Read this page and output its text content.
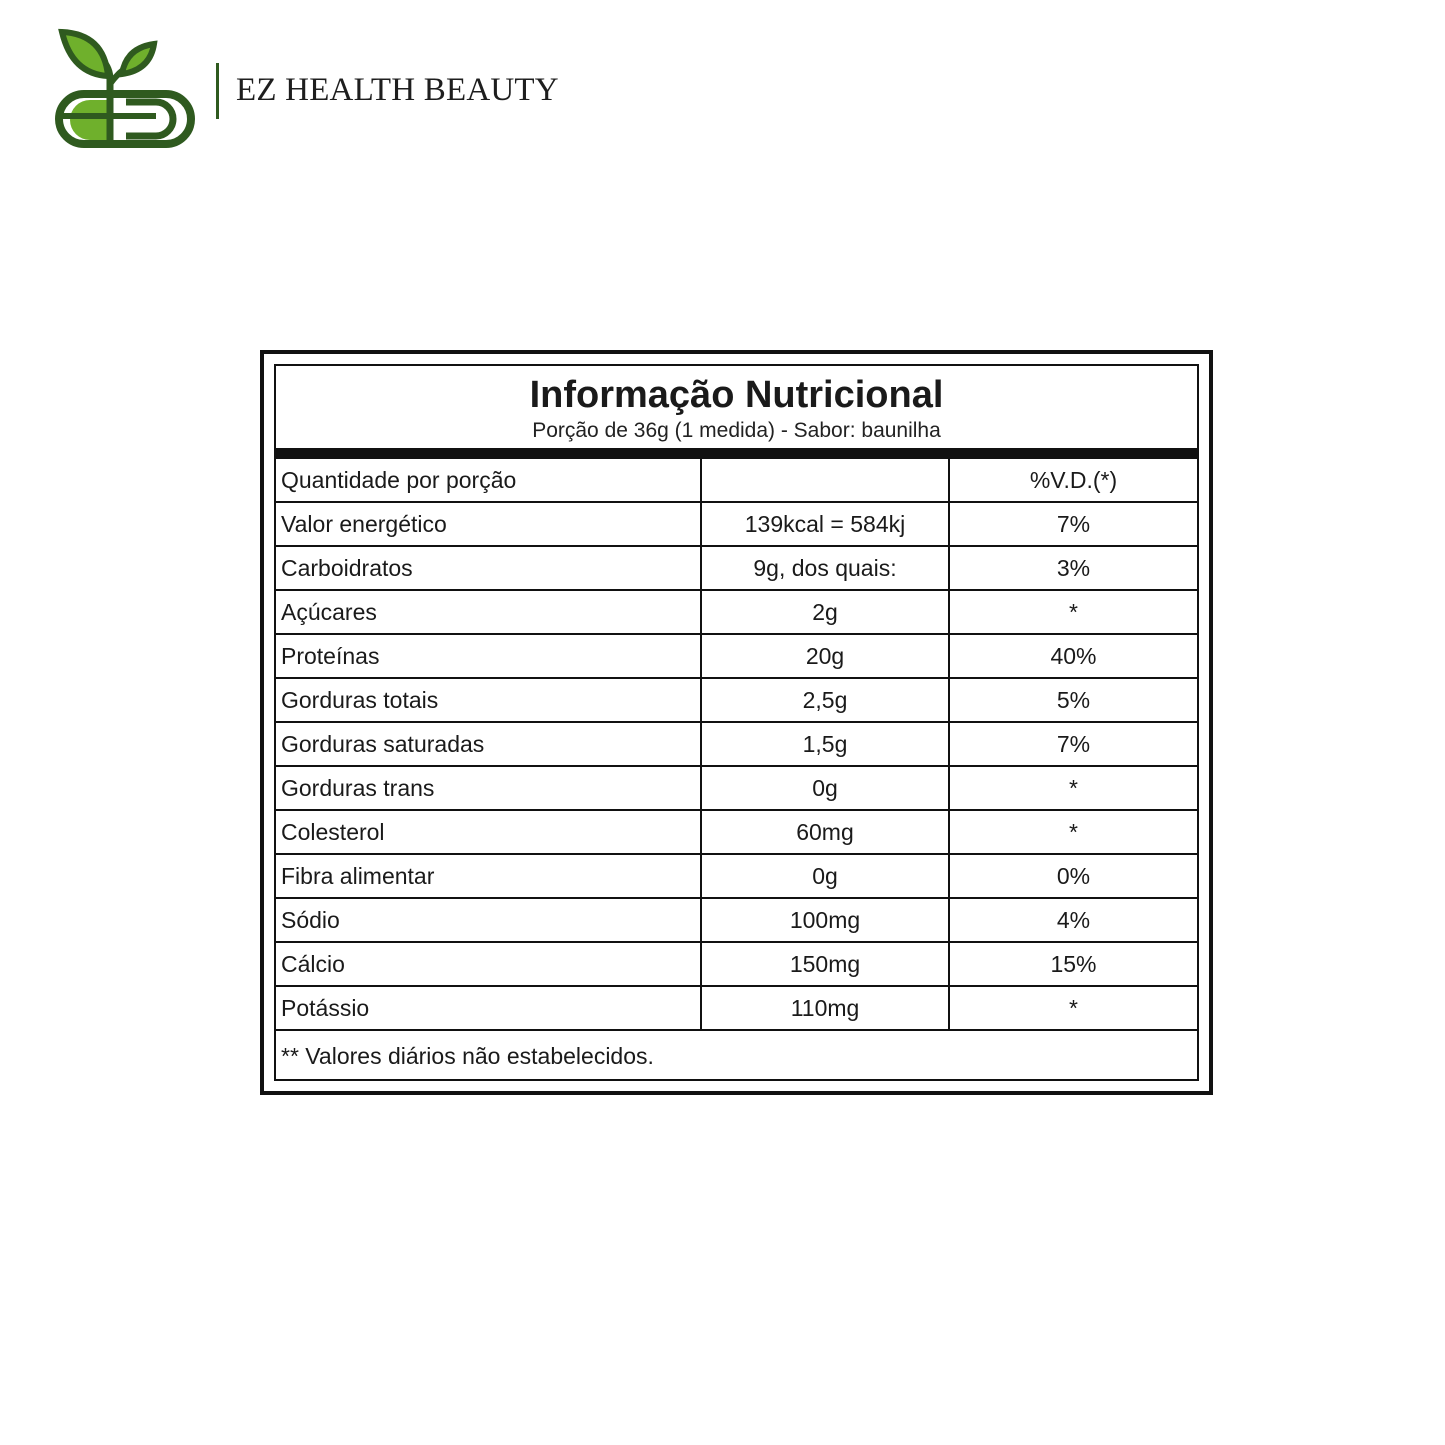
EZ HEALTH BEAUTY
Informação Nutricional
Porção de 36g (1 medida) - Sabor: baunilha
Quantidade por porção		%V.D.(*)
Valor energético	139kcal = 584kj	7%
Carboidratos	9g, dos quais:	3%
Açúcares	2g	*
Proteínas	20g	40%
Gorduras totais	2,5g	5%
Gorduras saturadas	1,5g	7%
Gorduras trans	0g	*
Colesterol	60mg	*
Fibra alimentar	0g	0%
Sódio	100mg	4%
Cálcio	150mg	15%
Potássio	110mg	*
** Valores diários não estabelecidos.
